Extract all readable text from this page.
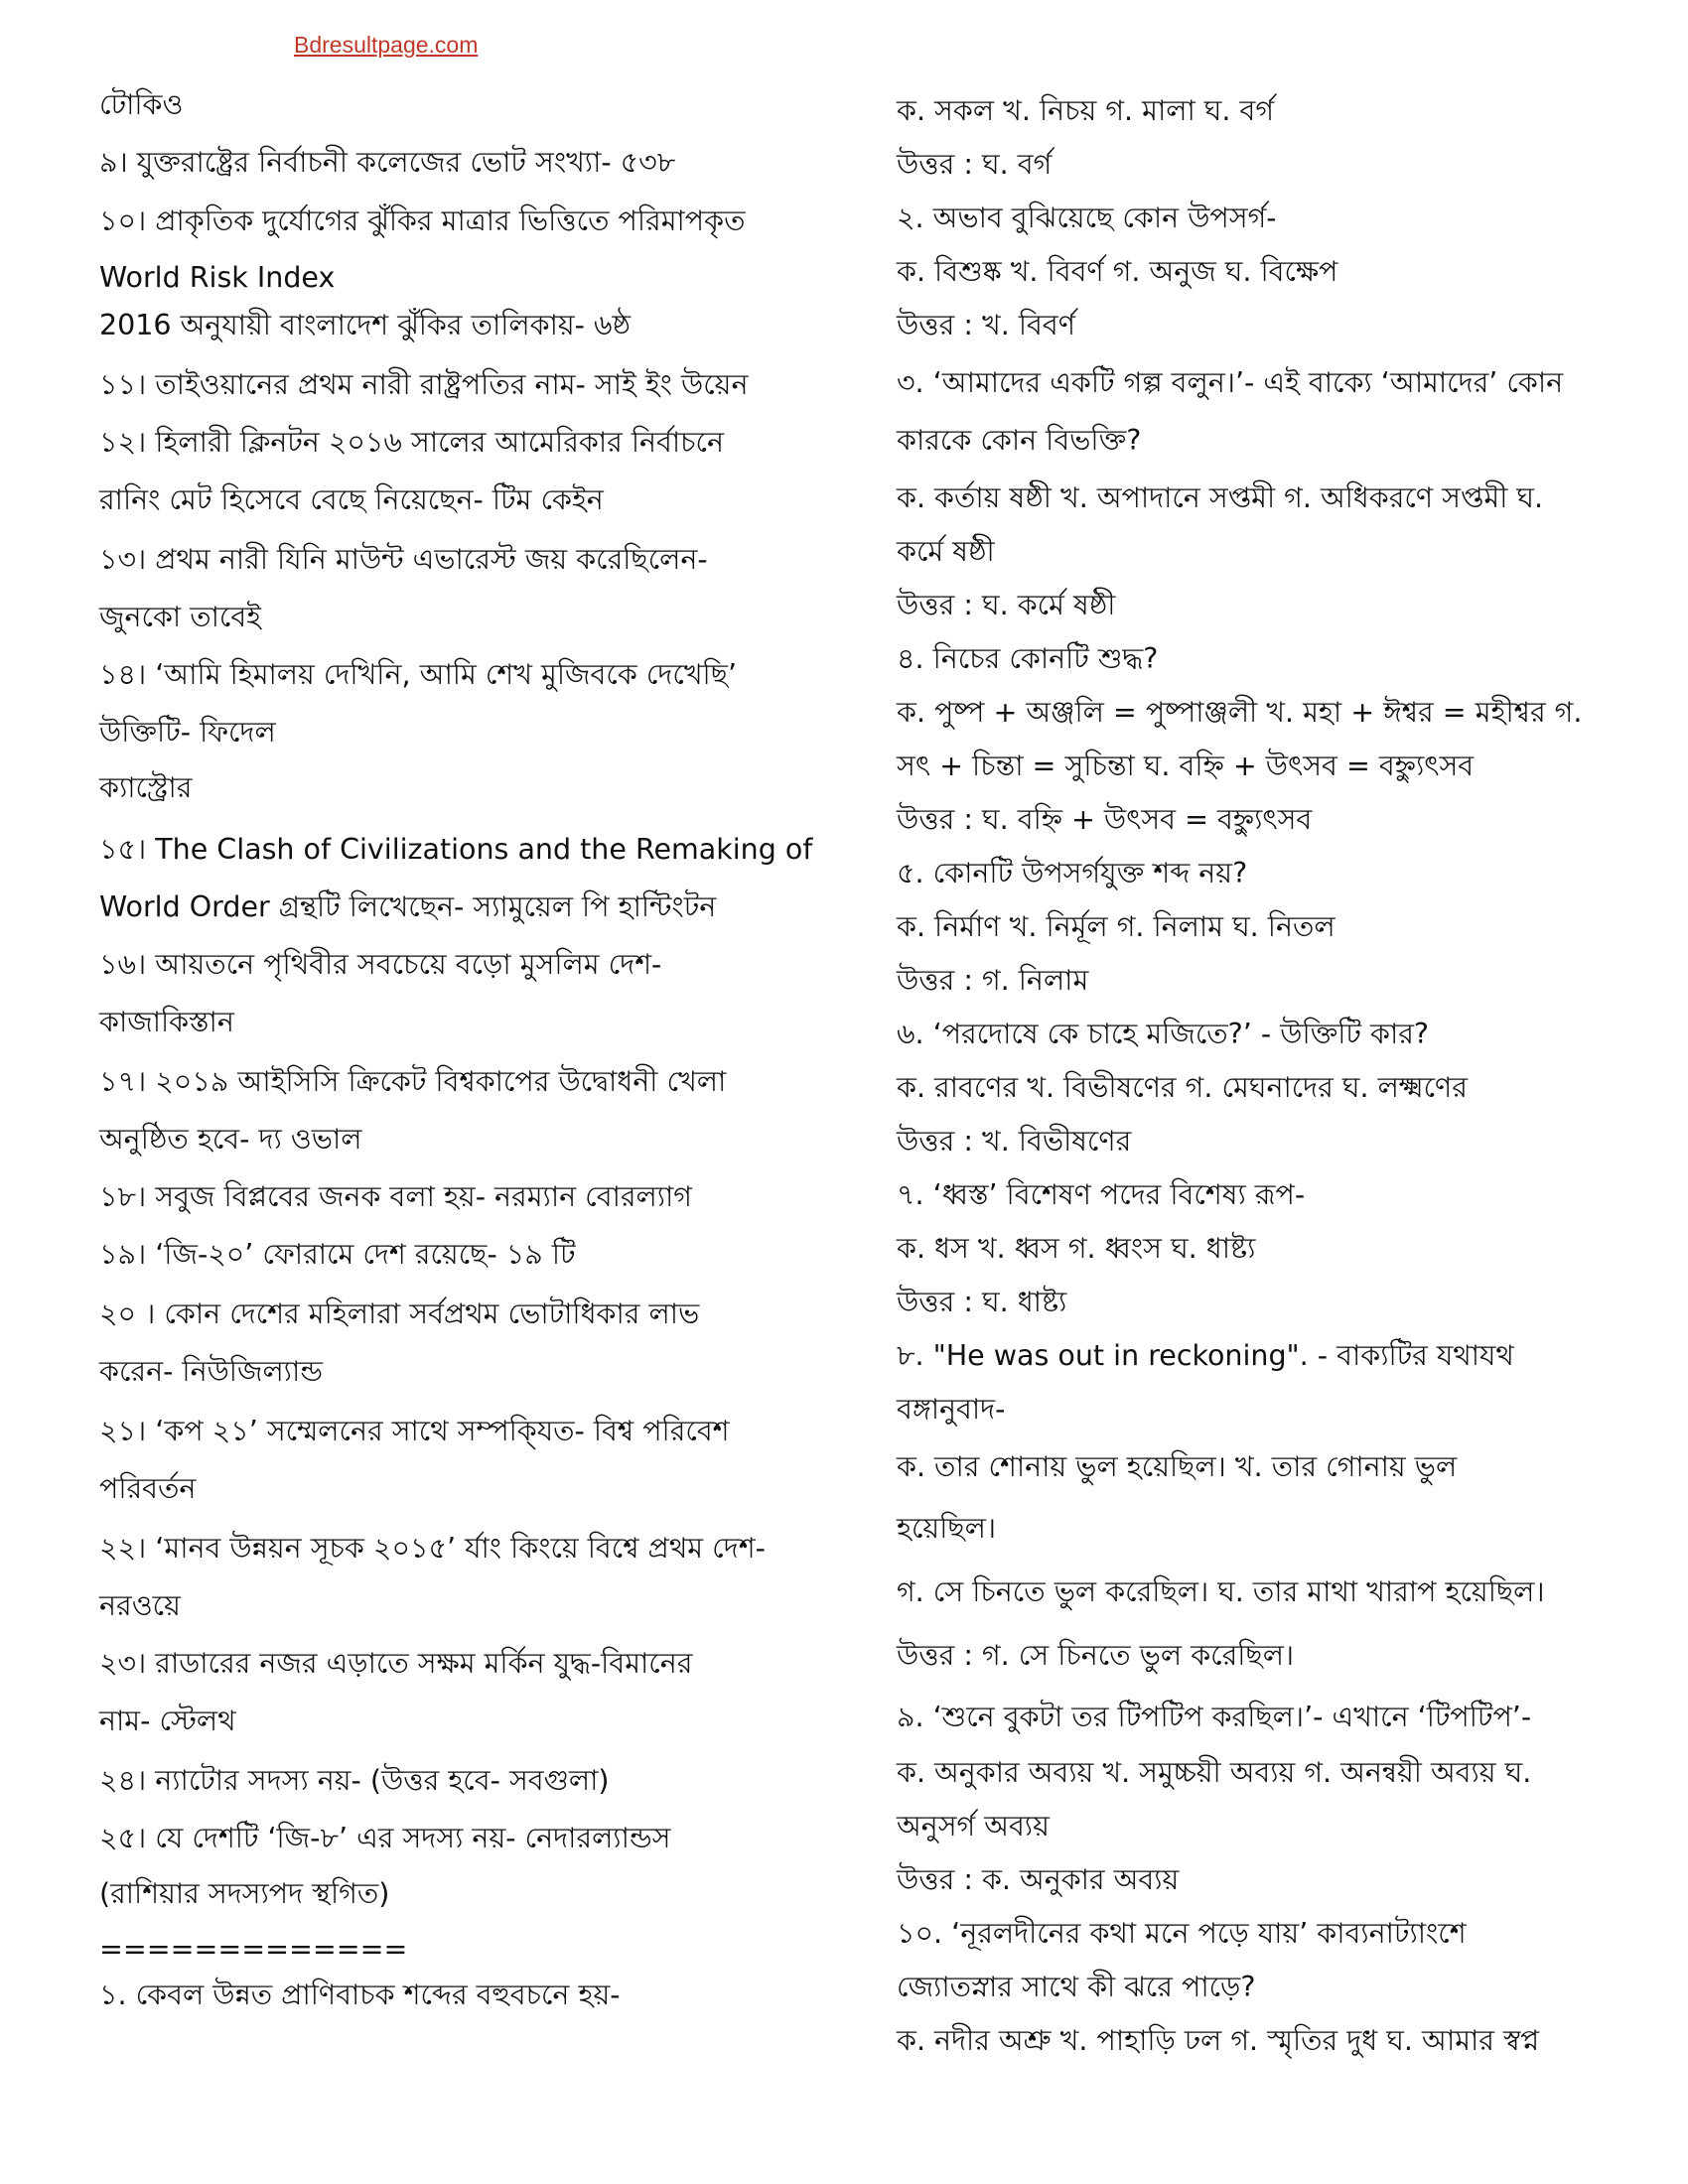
Bdresultpage.com
টোকিও
৯। যুক্তরাষ্ট্রের নির্বাচনী কলেজের ভোট সংখ্যা- ৫৩৮
১০। প্রাকৃতিক দুর্যোগের ঝুঁকির মাত্রার ভিত্তিতে পরিমাপকৃত
World Risk Index
2016 অনুযায়ী বাংলাদেশ ঝুঁকির তালিকায়- ৬ষ্ঠ
১১। তাইওয়ানের প্রথম নারী রাষ্ট্রপতির নাম- সাই ইং উয়েন
১২। হিলারী ক্লিনটন ২০১৬ সালের আমেরিকার নির্বাচনে
রানিং মেট হিসেবে বেছে নিয়েছেন- টিম কেইন
১৩। প্রথম নারী যিনি মাউন্ট এভারেস্ট জয় করেছিলেন-
জুনকো তাবেই
১৪। ‘আমি হিমালয় দেখিনি, আমি শেখ মুজিবকে দেখেছি’
উক্তিটি- ফিদেল
ক্যাস্ট্রোর
১৫। The Clash of Civilizations and the Remaking of
World Order গ্রন্থটি লিখেছেন- স্যামুয়েল পি হান্টিংটন
১৬। আয়তনে পৃথিবীর সবচেয়ে বড়ো মুসলিম দেশ-
কাজাকিস্তান
১৭। ২০১৯ আইসিসি ক্রিকেট বিশ্বকাপের উদ্বোধনী খেলা
অনুষ্ঠিত হবে- দ্য ওভাল
১৮। সবুজ বিপ্লবের জনক বলা হয়- নরম্যান বোরল্যাগ
১৯। ‘জি-২০’ ফোরামে দেশ রয়েছে- ১৯ টি
২০ । কোন দেশের মহিলারা সর্বপ্রথম ভোটাধিকার লাভ
করেন- নিউজিল্যান্ড
২১। ‘কপ ২১’ সম্মেলনের সাথে সম্পকি্যত- বিশ্ব পরিবেশ
পরিবর্তন
২২। ‘মানব উন্নয়ন সূচক ২০১৫’ র্যাং কিংয়ে বিশ্বে প্রথম দেশ-
নরওয়ে
২৩। রাডারের নজর এড়াতে সক্ষম মর্কিন যুদ্ধ-বিমানের
নাম- স্টেলথ
২৪। ন্যাটোর সদস্য নয়- (উত্তর হবে- সবগুলা)
২৫। যে দেশটি ‘জি-৮’ এর সদস্য নয়- নেদারল্যান্ডস
(রাশিয়ার সদস্যপদ স্থগিত)
=============
১. কেবল উন্নত প্রাণিবাচক শব্দের বহুবচনে হয়-
ক. সকল খ. নিচয় গ. মালা ঘ. বর্গ
উত্তর : ঘ. বর্গ
২. অভাব বুঝিয়েছে কোন উপসর্গ-
ক. বিশুষ্ক খ. বিবর্ণ গ. অনুজ ঘ. বিক্ষেপ
উত্তর : খ. বিবর্ণ
৩. ‘আমাদের একটি গল্প বলুন।’- এই বাক্যে ‘আমাদের’ কোন
কারকে কোন বিভক্তি?
ক. কর্তায় ষষ্ঠী খ. অপাদানে সপ্তমী গ. অধিকরণে সপ্তমী ঘ.
কর্মে ষষ্ঠী
উত্তর : ঘ. কর্মে ষষ্ঠী
৪. নিচের কোনটি শুদ্ধ?
ক. পুষ্প + অঞ্জলি = পুষ্পাঞ্জলী খ. মহা + ঈশ্বর = মহীশ্বর গ.
সৎ + চিন্তা = সুচিন্তা ঘ. বহ্নি + উৎসব = বহ্ন্যুৎসব
উত্তর : ঘ. বহ্নি + উৎসব = বহ্ন্যুৎসব
৫. কোনটি উপসর্গযুক্ত শব্দ নয়?
ক. নির্মাণ খ. নির্মূল গ. নিলাম ঘ. নিতল
উত্তর : গ. নিলাম
৬. ‘পরদোষে কে চাহে মজিতে?’ - উক্তিটি কার?
ক. রাবণের খ. বিভীষণের গ. মেঘনাদের ঘ. লক্ষ্মণের
উত্তর : খ. বিভীষণের
৭. ‘ধ্বস্ত’ বিশেষণ পদের বিশেষ্য রূপ-
ক. ধস খ. ধ্বস গ. ধ্বংস ঘ. ধাষ্ট্য
উত্তর : ঘ. ধাষ্ট্য
৮. "He was out in reckoning". - বাক্যটির যথাযথ
বঙ্গানুবাদ-
ক. তার শোনায় ভুল হয়েছিল। খ. তার গোনায় ভুল
হয়েছিল।
গ. সে চিনতে ভুল করেছিল। ঘ. তার মাথা খারাপ হয়েছিল।
উত্তর : গ. সে চিনতে ভুল করেছিল।
৯. ‘শুনে বুকটা তর টিপটিপ করছিল।’- এখানে ‘টিপটিপ’-
ক. অনুকার অব্যয় খ. সমুচ্চয়ী অব্যয় গ. অনন্বয়ী অব্যয় ঘ.
অনুসর্গ অব্যয়
উত্তর : ক. অনুকার অব্যয়
১০. ‘নূরলদীনের কথা মনে পড়ে যায়’ কাব্যনাট্যাংশে
জ্যোতস্নার সাথে কী ঝরে পাড়ে?
ক. নদীর অশ্রু খ. পাহাড়ি ঢল গ. স্মৃতির দুধ ঘ. আমার স্বপ্ন
